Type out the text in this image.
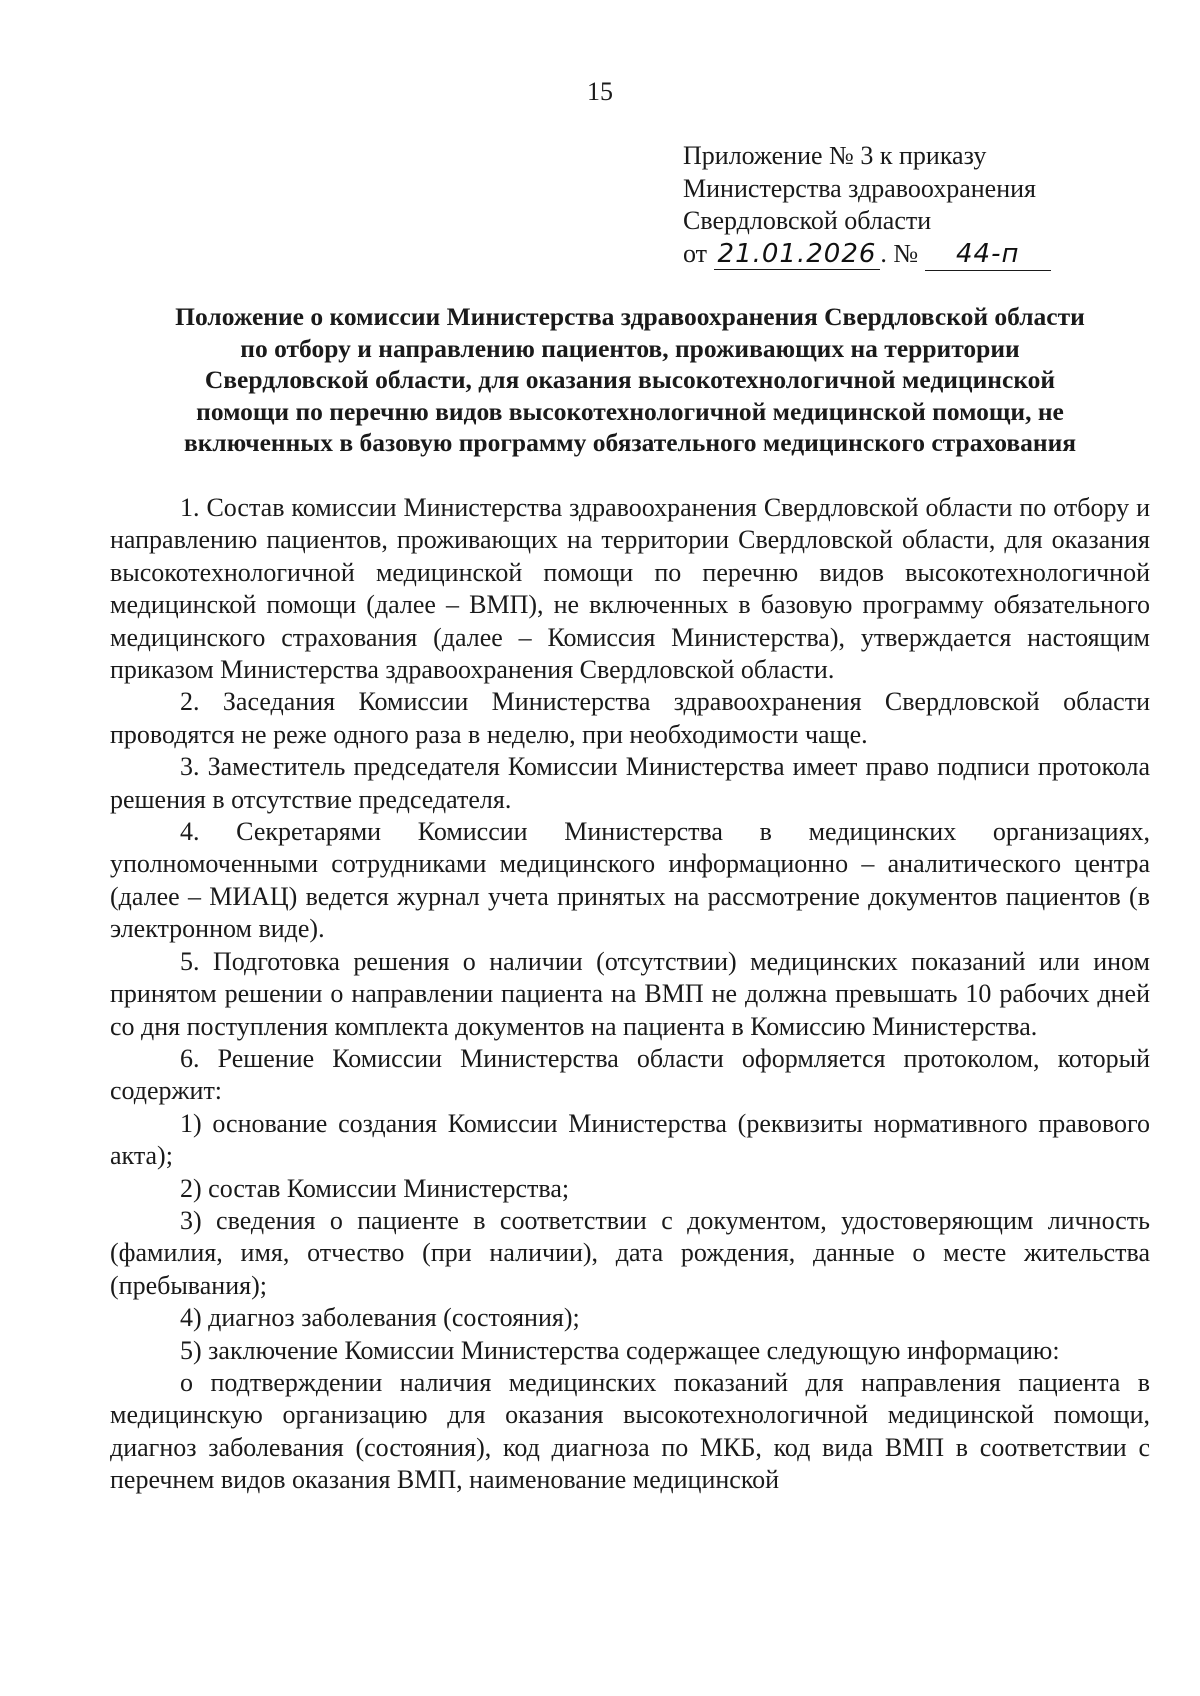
15
Приложение № 3 к приказу
Министерства здравоохранения
Свердловской области
от 21.01.2026 . № 44-п
Положение о комиссии Министерства здравоохранения Свердловской области
по отбору и направлению пациентов, проживающих на территории
Свердловской области, для оказания высокотехнологичной медицинской
помощи по перечню видов высокотехнологичной медицинской помощи, не
включенных в базовую программу обязательного медицинского страхования

1. Состав комиссии Министерства здравоохранения Свердловской области по отбору и направлению пациентов, проживающих на территории Свердловской области, для оказания высокотехнологичной медицинской помощи по перечню видов высокотехнологичной медицинской помощи (далее – ВМП), не включенных в базовую программу обязательного медицинского страхования (далее – Комиссия Министерства), утверждается настоящим приказом Министерства здравоохранения Свердловской области.

2. Заседания Комиссии Министерства здравоохранения Свердловской области проводятся не реже одного раза в неделю, при необходимости чаще.

3. Заместитель председателя Комиссии Министерства имеет право подписи протокола решения в отсутствие председателя.

4. Секретарями Комиссии Министерства в медицинских организациях, уполномоченными сотрудниками медицинского информационно – аналитического центра (далее – МИАЦ) ведется журнал учета принятых на рассмотрение документов пациентов (в электронном виде).

5. Подготовка решения о наличии (отсутствии) медицинских показаний или ином принятом решении о направлении пациента на ВМП не должна превышать 10 рабочих дней со дня поступления комплекта документов на пациента в Комиссию Министерства.

6. Решение Комиссии Министерства области оформляется протоколом, который содержит:

1) основание создания Комиссии Министерства (реквизиты нормативного правового акта);

2) состав Комиссии Министерства;

3) сведения о пациенте в соответствии с документом, удостоверяющим личность (фамилия, имя, отчество (при наличии), дата рождения, данные о месте жительства (пребывания);

4) диагноз заболевания (состояния);

5) заключение Комиссии Министерства содержащее следующую информацию:

о подтверждении наличия медицинских показаний для направления пациента в медицинскую организацию для оказания высокотехнологичной медицинской помощи, диагноз заболевания (состояния), код диагноза по МКБ, код вида ВМП в соответствии с перечнем видов оказания ВМП, наименование медицинской
